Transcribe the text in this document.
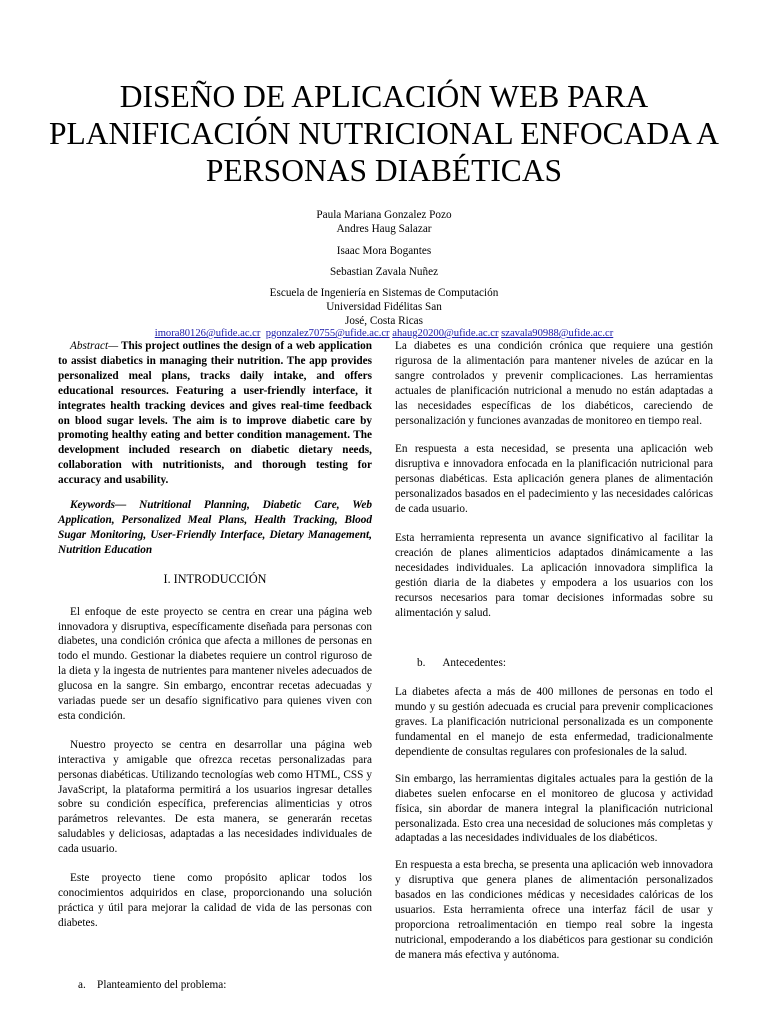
DISEÑO DE APLICACIÓN WEB PARA
PLANIFICACIÓN NUTRICIONAL ENFOCADA A
PERSONAS DIABÉTICAS
Paula Mariana Gonzalez Pozo
Andres Haug Salazar
Isaac Mora Bogantes
Sebastian Zavala Nuñez
Escuela de Ingeniería en Sistemas de Computación
Universidad Fidélitas San
José, Costa Ricas
imora80126@ufide.ac.cr pgonzalez70755@ufide.ac.cr ahaug20200@ufide.ac.cr szavala90988@ufide.ac.cr

Abstract— This project outlines the design of a web application to assist diabetics in managing their nutrition. The app provides personalized meal plans, tracks daily intake, and offers educational resources. Featuring a user-friendly interface, it integrates health tracking devices and gives real-time feedback on blood sugar levels. The aim is to improve diabetic care by promoting healthy eating and better condition management. The development included research on diabetic dietary needs, collaboration with nutritionists, and thorough testing for accuracy and usability.

Keywords— Nutritional Planning, Diabetic Care, Web Application, Personalized Meal Plans, Health Tracking, Blood Sugar Monitoring, User-Friendly Interface, Dietary Management, Nutrition Education

I. INTRODUCCIÓN

El enfoque de este proyecto se centra en crear una página web innovadora y disruptiva, específicamente diseñada para personas con diabetes, una condición crónica que afecta a millones de personas en todo el mundo. Gestionar la diabetes requiere un control riguroso de la dieta y la ingesta de nutrientes para mantener niveles adecuados de glucosa en la sangre. Sin embargo, encontrar recetas adecuadas y variadas puede ser un desafío significativo para quienes viven con esta condición.

Nuestro proyecto se centra en desarrollar una página web interactiva y amigable que ofrezca recetas personalizadas para personas diabéticas. Utilizando tecnologías web como HTML, CSS y JavaScript, la plataforma permitirá a los usuarios ingresar detalles sobre su condición específica, preferencias alimenticias y otros parámetros relevantes. De esta manera, se generarán recetas saludables y deliciosas, adaptadas a las necesidades individuales de cada usuario.

Este proyecto tiene como propósito aplicar todos los conocimientos adquiridos en clase, proporcionando una solución práctica y útil para mejorar la calidad de vida de las personas con diabetes.

a.    Planteamiento del problema:

La diabetes es una condición crónica que requiere una gestión rigurosa de la alimentación para mantener niveles de azúcar en la sangre controlados y prevenir complicaciones. Las herramientas actuales de planificación nutricional a menudo no están adaptadas a las necesidades específicas de los diabéticos, careciendo de personalización y funciones avanzadas de monitoreo en tiempo real.

En respuesta a esta necesidad, se presenta una aplicación web disruptiva e innovadora enfocada en la planificación nutricional para personas diabéticas. Esta aplicación genera planes de alimentación personalizados basados en el padecimiento y las necesidades calóricas de cada usuario.

Esta herramienta representa un avance significativo al facilitar la creación de planes alimenticios adaptados dinámicamente a las necesidades individuales. La aplicación innovadora simplifica la gestión diaria de la diabetes y empodera a los usuarios con los recursos necesarios para tomar decisiones informadas sobre su alimentación y salud.

b.      Antecedentes:

La diabetes afecta a más de 400 millones de personas en todo el mundo y su gestión adecuada es crucial para prevenir complicaciones graves. La planificación nutricional personalizada es un componente fundamental en el manejo de esta enfermedad, tradicionalmente dependiente de consultas regulares con profesionales de la salud.

Sin embargo, las herramientas digitales actuales para la gestión de la diabetes suelen enfocarse en el monitoreo de glucosa y actividad física, sin abordar de manera integral la planificación nutricional personalizada. Esto crea una necesidad de soluciones más completas y adaptadas a las necesidades individuales de los diabéticos.

En respuesta a esta brecha, se presenta una aplicación web innovadora y disruptiva que genera planes de alimentación personalizados basados en las condiciones médicas y necesidades calóricas de los usuarios. Esta herramienta ofrece una interfaz fácil de usar y proporciona retroalimentación en tiempo real sobre la ingesta nutricional, empoderando a los diabéticos para gestionar su condición de manera más efectiva y autónoma.
